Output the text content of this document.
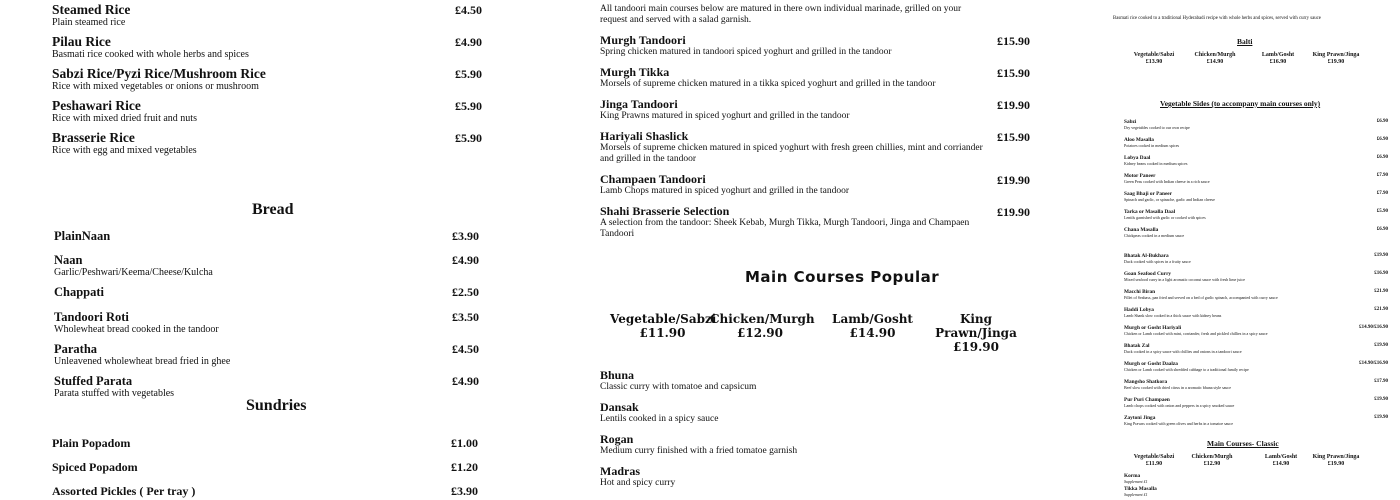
Steamed Rice
Plain steamed rice
£4.50
Pilau Rice
Basmati rice cooked with whole herbs and spices
£4.90
Sabzi Rice/Pyzi Rice/Mushroom Rice
Rice with mixed vegetables or onions or mushroom
£5.90
Peshawari Rice
Rice with mixed dried fruit and nuts
£5.90
Brasserie Rice
Rice with egg and mixed vegetables
£5.90
Bread
PlainNaan	£3.90
Naan
Garlic/Peshwari/Keema/Cheese/Kulcha
£4.90
Chappati	£2.50
Tandoori Roti
Wholewheat bread cooked in the tandoor
£3.50
Paratha
Unleavened wholewheat bread fried in ghee
£4.50
Stuffed Parata
Parata stuffed with vegetables
£4.90
Sundries
Plain Popadom	£1.00
Spiced Popadom	£1.20
Assorted Pickles ( Per tray )	£3.90
All tandoori main courses below are matured in there own individual marinade, grilled on your request and served with a salad garnish.
Murgh Tandoori
Spring chicken matured in tandoori spiced yoghurt and grilled in the tandoor
£15.90
Murgh Tikka
Morsels of supreme chicken matured in a tikka spiced yoghurt and grilled in the tandoor
£15.90
Jinga Tandoori
King Prawns matured in spiced yoghurt and grilled in the tandoor
£19.90
Hariyali Shaslick
Morsels of supreme chicken matured in spiced yoghurt with fresh green chillies, mint and corriander and grilled in the tandoor
£15.90
Champaen Tandoori
Lamb Chops matured in spiced yoghurt and grilled in the tandoor
£19.90
Shahi Brasserie Selection
A selection from the tandoor: Sheek Kebab, Murgh Tikka, Murgh Tandoori, Jinga and Champaen Tandoori
£19.90
Main Courses Popular
Vegetable/Sabzi
£11.90
Chicken/Murgh
£12.90
Lamb/Gosht
£14.90
King Prawn/Jinga
£19.90
Bhuna
Classic curry with tomatoe and capsicum
Dansak
Lentils cooked in a spicy sauce
Rogan
Medium curry finished with a fried tomatoe garnish
Madras
Hot and spicy curry
Basmati rice cooked to a traditional Hyderabadi recipe with whole herbs and spices, served with curry sauce
Balti
Vegetable/Sabzi
£13.90
Chicken/Murgh
£14.90
Lamb/Gosht
£16.90
King Prawn/Jinga
£19.90
Vegetable Sides (to accompany main courses only)
Sabzi
Dry vegetables cooked to our own recipe
£6.90
Aloo Masalla
Potatoes cooked in medium spices
£6.90
Lobya Daal
Kidney beans cooked in medium spices
£6.90
Motor Paneer
Green Peas cooked with Indian cheese in a rich sauce
£7.90
Saag Bhaji or Paneer
Spinach and garlic, or spinache, garlic and Indian cheese
£7.90
Tarka or Masalla Daal
Lentils garnished with garlic or cooked with spices
£5.90
Chana Masalla
Chickpeas cooked in a medium sauce
£6.90
Bhatak Al-Bukhara
Duck cooked with spices in a fruity sauce
£19.90
Goan Seafood Curry
Mixed seafood curry in a light aromatic coconut sauce with fresh lime juice
£16.90
Macchi Biran
Fillet of Seabass, pan fried and served on a bed of garlic spinach, accompanied with curry sauce
£21.90
Haddi Lobya
Lamb Shank slow cooked in a thick sauce with kidney beans
£21.90
Murgh or Gosht Hariyali
Chicken or Lamb cooked with mint, corriander, fresh and pickled chillies in a spicy sauce
£14.90/£16.90
Bhatak Zal
Duck cooked in a spicy sauce with chillies and onions in a tandoori sauce
£19.90
Murgh or Gosht Daalza
Chicken or Lamb cooked with shredded cabbage to a traditional family recipe
£14.90/£16.90
Mangsho Shatkora
Beef slow cooked with dried citrus in a aromatic bhuna style sauce
£17.90
Pur Puri Champaen
Lamb chops cooked with onion and peppers in a spicy smoked sauce
£19.90
Zaytoni Jinga
King Prawns cooked with green olives and herbs in a tomatoe sauce
£19.90
Main Courses- Classic
Vegetable/Sabzi
£11.90
Chicken/Murgh
£12.90
Lamb/Gosht
£14.90
King Prawn/Jinga
£19.90
Korma
Supplement £1
Tikka Masalla
Supplement £1
